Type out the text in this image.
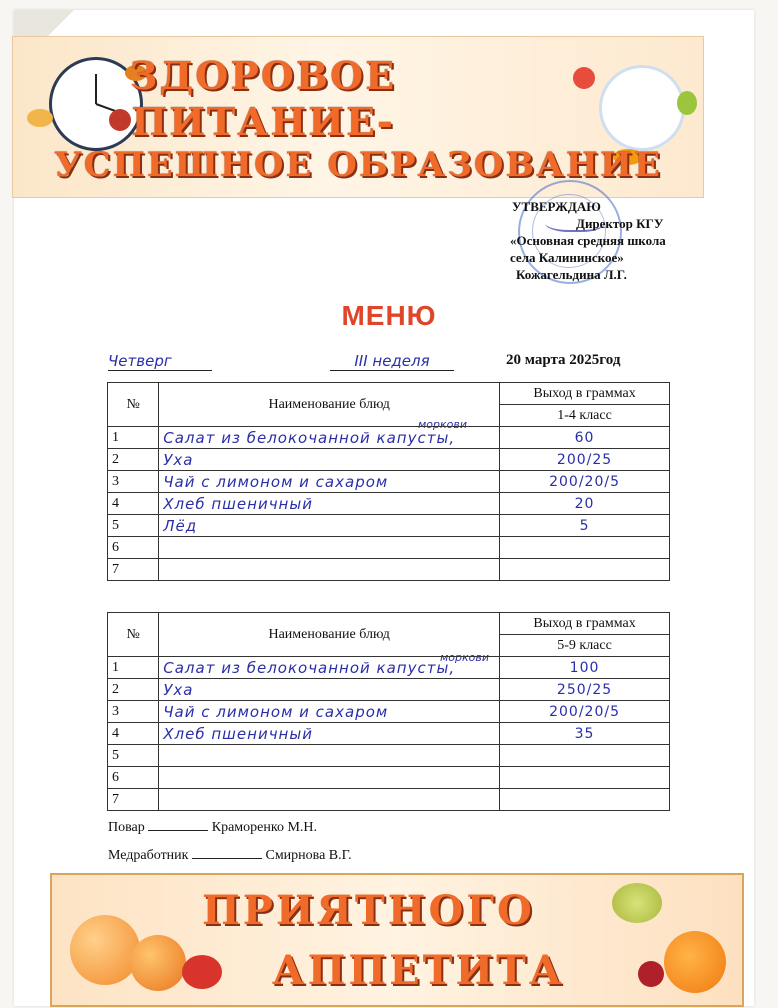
ЗДОРОВОЕ
ПИТАНИЕ-
УСПЕШНОЕ ОБРАЗОВАНИЕ
УТВЕРЖДАЮ
Директор КГУ
«Основная средняя школа
села Калининское»
Кожагельдина Л.Г.
МЕНЮ
Четверг	III неделя	20 марта 2025год
моркови
№	Наименование блюд	Выход в граммах
		1-4 класс
1	Салат из белокочанной капусты,	60
2	Уха	200/25
3	Чай с лимоном и сахаром	200/20/5
4	Хлеб пшеничный	20
5	Лёд	5
6		
7		
моркови
№	Наименование блюд	Выход в граммах
		5-9 класс
1	Салат из белокочанной капусты,	100
2	Уха	250/25
3	Чай с лимоном и сахаром	200/20/5
4	Хлеб пшеничный	35
5		
6		
7		
Повар	Краморенко М.Н.
Медработник	Смирнова В.Г.
ПРИЯТНОГО
АППЕТИТА
